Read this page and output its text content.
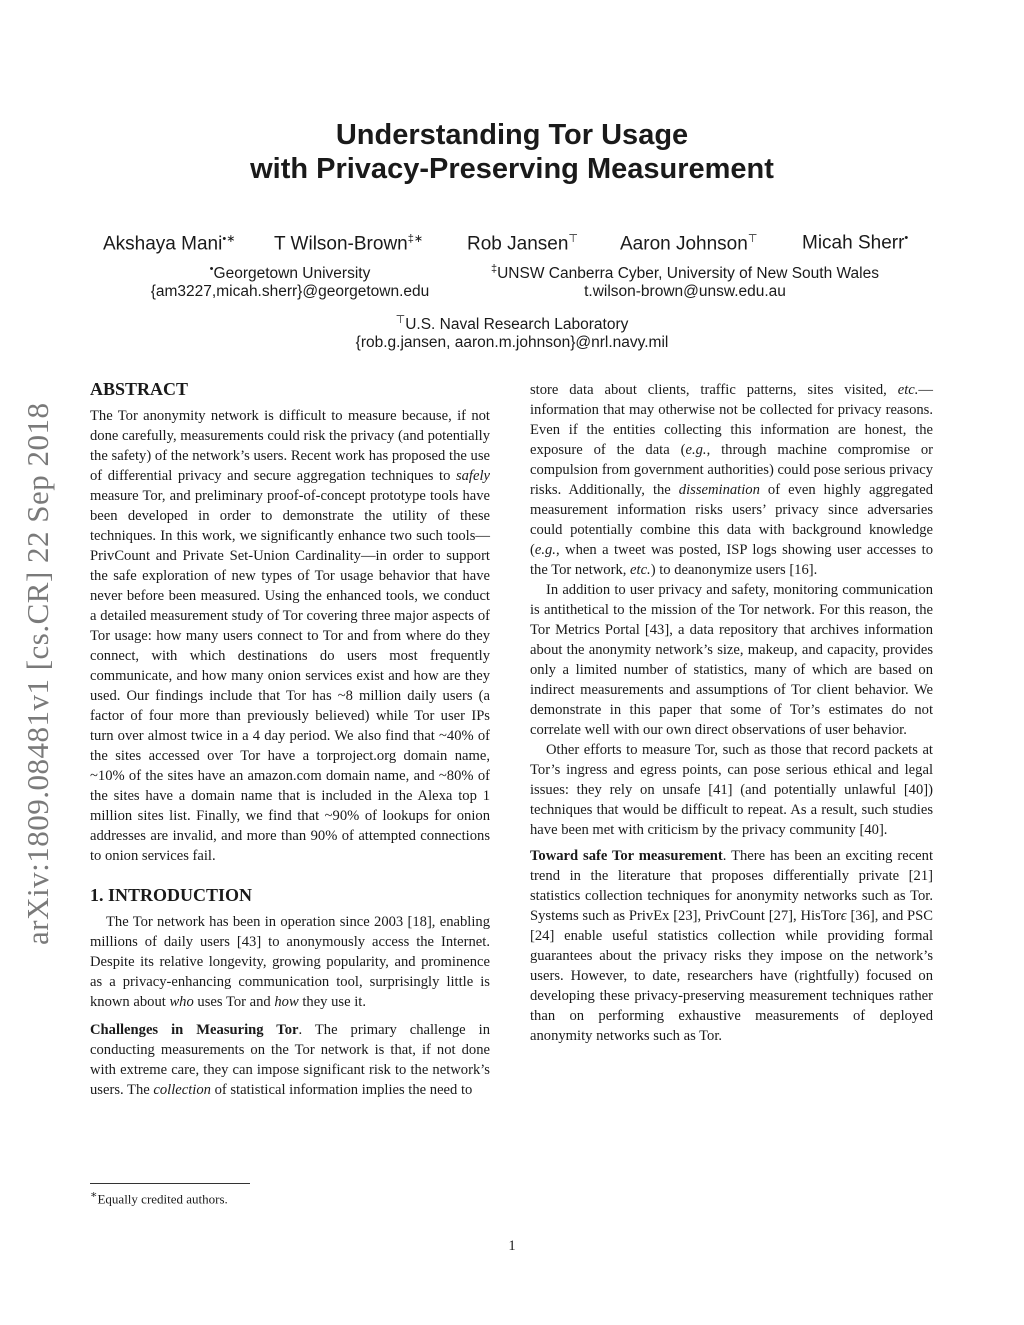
arXiv:1809.08481v1 [cs.CR] 22 Sep 2018
Understanding Tor Usage
with Privacy-Preserving Measurement
Akshaya Mani•∗ T Wilson-Brown‡∗ Rob Jansen⊤ Aaron Johnson⊤ Micah Sherr•
•Georgetown University
{am3227,micah.sherr}@georgetown.edu
‡UNSW Canberra Cyber, University of New South Wales
t.wilson-brown@unsw.edu.au
⊤U.S. Naval Research Laboratory
{rob.g.jansen, aaron.m.johnson}@nrl.navy.mil
ABSTRACT

The Tor anonymity network is difficult to measure because, if not done carefully, measurements could risk the privacy (and potentially the safety) of the network’s users. Recent work has proposed the use of differential privacy and secure aggregation techniques to safely measure Tor, and preliminary proof-of-concept prototype tools have been developed in order to demonstrate the utility of these techniques. In this work, we significantly enhance two such tools—PrivCount and Private Set-Union Cardinality—in order to support the safe exploration of new types of Tor usage behavior that have never before been measured. Using the enhanced tools, we conduct a detailed measurement study of Tor covering three major aspects of Tor usage: how many users connect to Tor and from where do they connect, with which destinations do users most frequently communicate, and how many onion services exist and how are they used. Our findings include that Tor has ~8 million daily users (a factor of four more than previously believed) while Tor user IPs turn over almost twice in a 4 day period. We also find that ~40% of the sites accessed over Tor have a torproject.org domain name, ~10% of the sites have an amazon.com domain name, and ~80% of the sites have a domain name that is included in the Alexa top 1 million sites list. Finally, we find that ~90% of lookups for onion addresses are invalid, and more than 90% of attempted connections to onion services fail.

1. INTRODUCTION

The Tor network has been in operation since 2003 [18], enabling millions of daily users [43] to anonymously access the Internet. Despite its relative longevity, growing popularity, and prominence as a privacy-enhancing communication tool, surprisingly little is known about who uses Tor and how they use it.

Challenges in Measuring Tor. The primary challenge in conducting measurements on the Tor network is that, if not done with extreme care, they can impose significant risk to the network’s users. The collection of statistical information implies the need to

store data about clients, traffic patterns, sites visited, etc.—information that may otherwise not be collected for privacy reasons. Even if the entities collecting this information are honest, the exposure of the data (e.g., through machine compromise or compulsion from government authorities) could pose serious privacy risks. Additionally, the dissemination of even highly aggregated measurement information risks users’ privacy since adversaries could potentially combine this data with background knowledge (e.g., when a tweet was posted, ISP logs showing user accesses to the Tor network, etc.) to deanonymize users [16].

In addition to user privacy and safety, monitoring communication is antithetical to the mission of the Tor network. For this reason, the Tor Metrics Portal [43], a data repository that archives information about the anonymity network’s size, makeup, and capacity, provides only a limited number of statistics, many of which are based on indirect measurements and assumptions of Tor client behavior. We demonstrate in this paper that some of Tor’s estimates do not correlate well with our own direct observations of user behavior.

Other efforts to measure Tor, such as those that record packets at Tor’s ingress and egress points, can pose serious ethical and legal issues: they rely on unsafe [41] (and potentially unlawful [40]) techniques that would be difficult to repeat. As a result, such studies have been met with criticism by the privacy community [40].

Toward safe Tor measurement. There has been an exciting recent trend in the literature that proposes differentially private [21] statistics collection techniques for anonymity networks such as Tor. Systems such as PrivEx [23], PrivCount [27], HisTorϵ [36], and PSC [24] enable useful statistics collection while providing formal guarantees about the privacy risks they impose on the network’s users. However, to date, researchers have (rightfully) focused on developing these privacy-preserving measurement techniques rather than on performing exhaustive measurements of deployed anonymity networks such as Tor.

∗Equally credited authors.
1
